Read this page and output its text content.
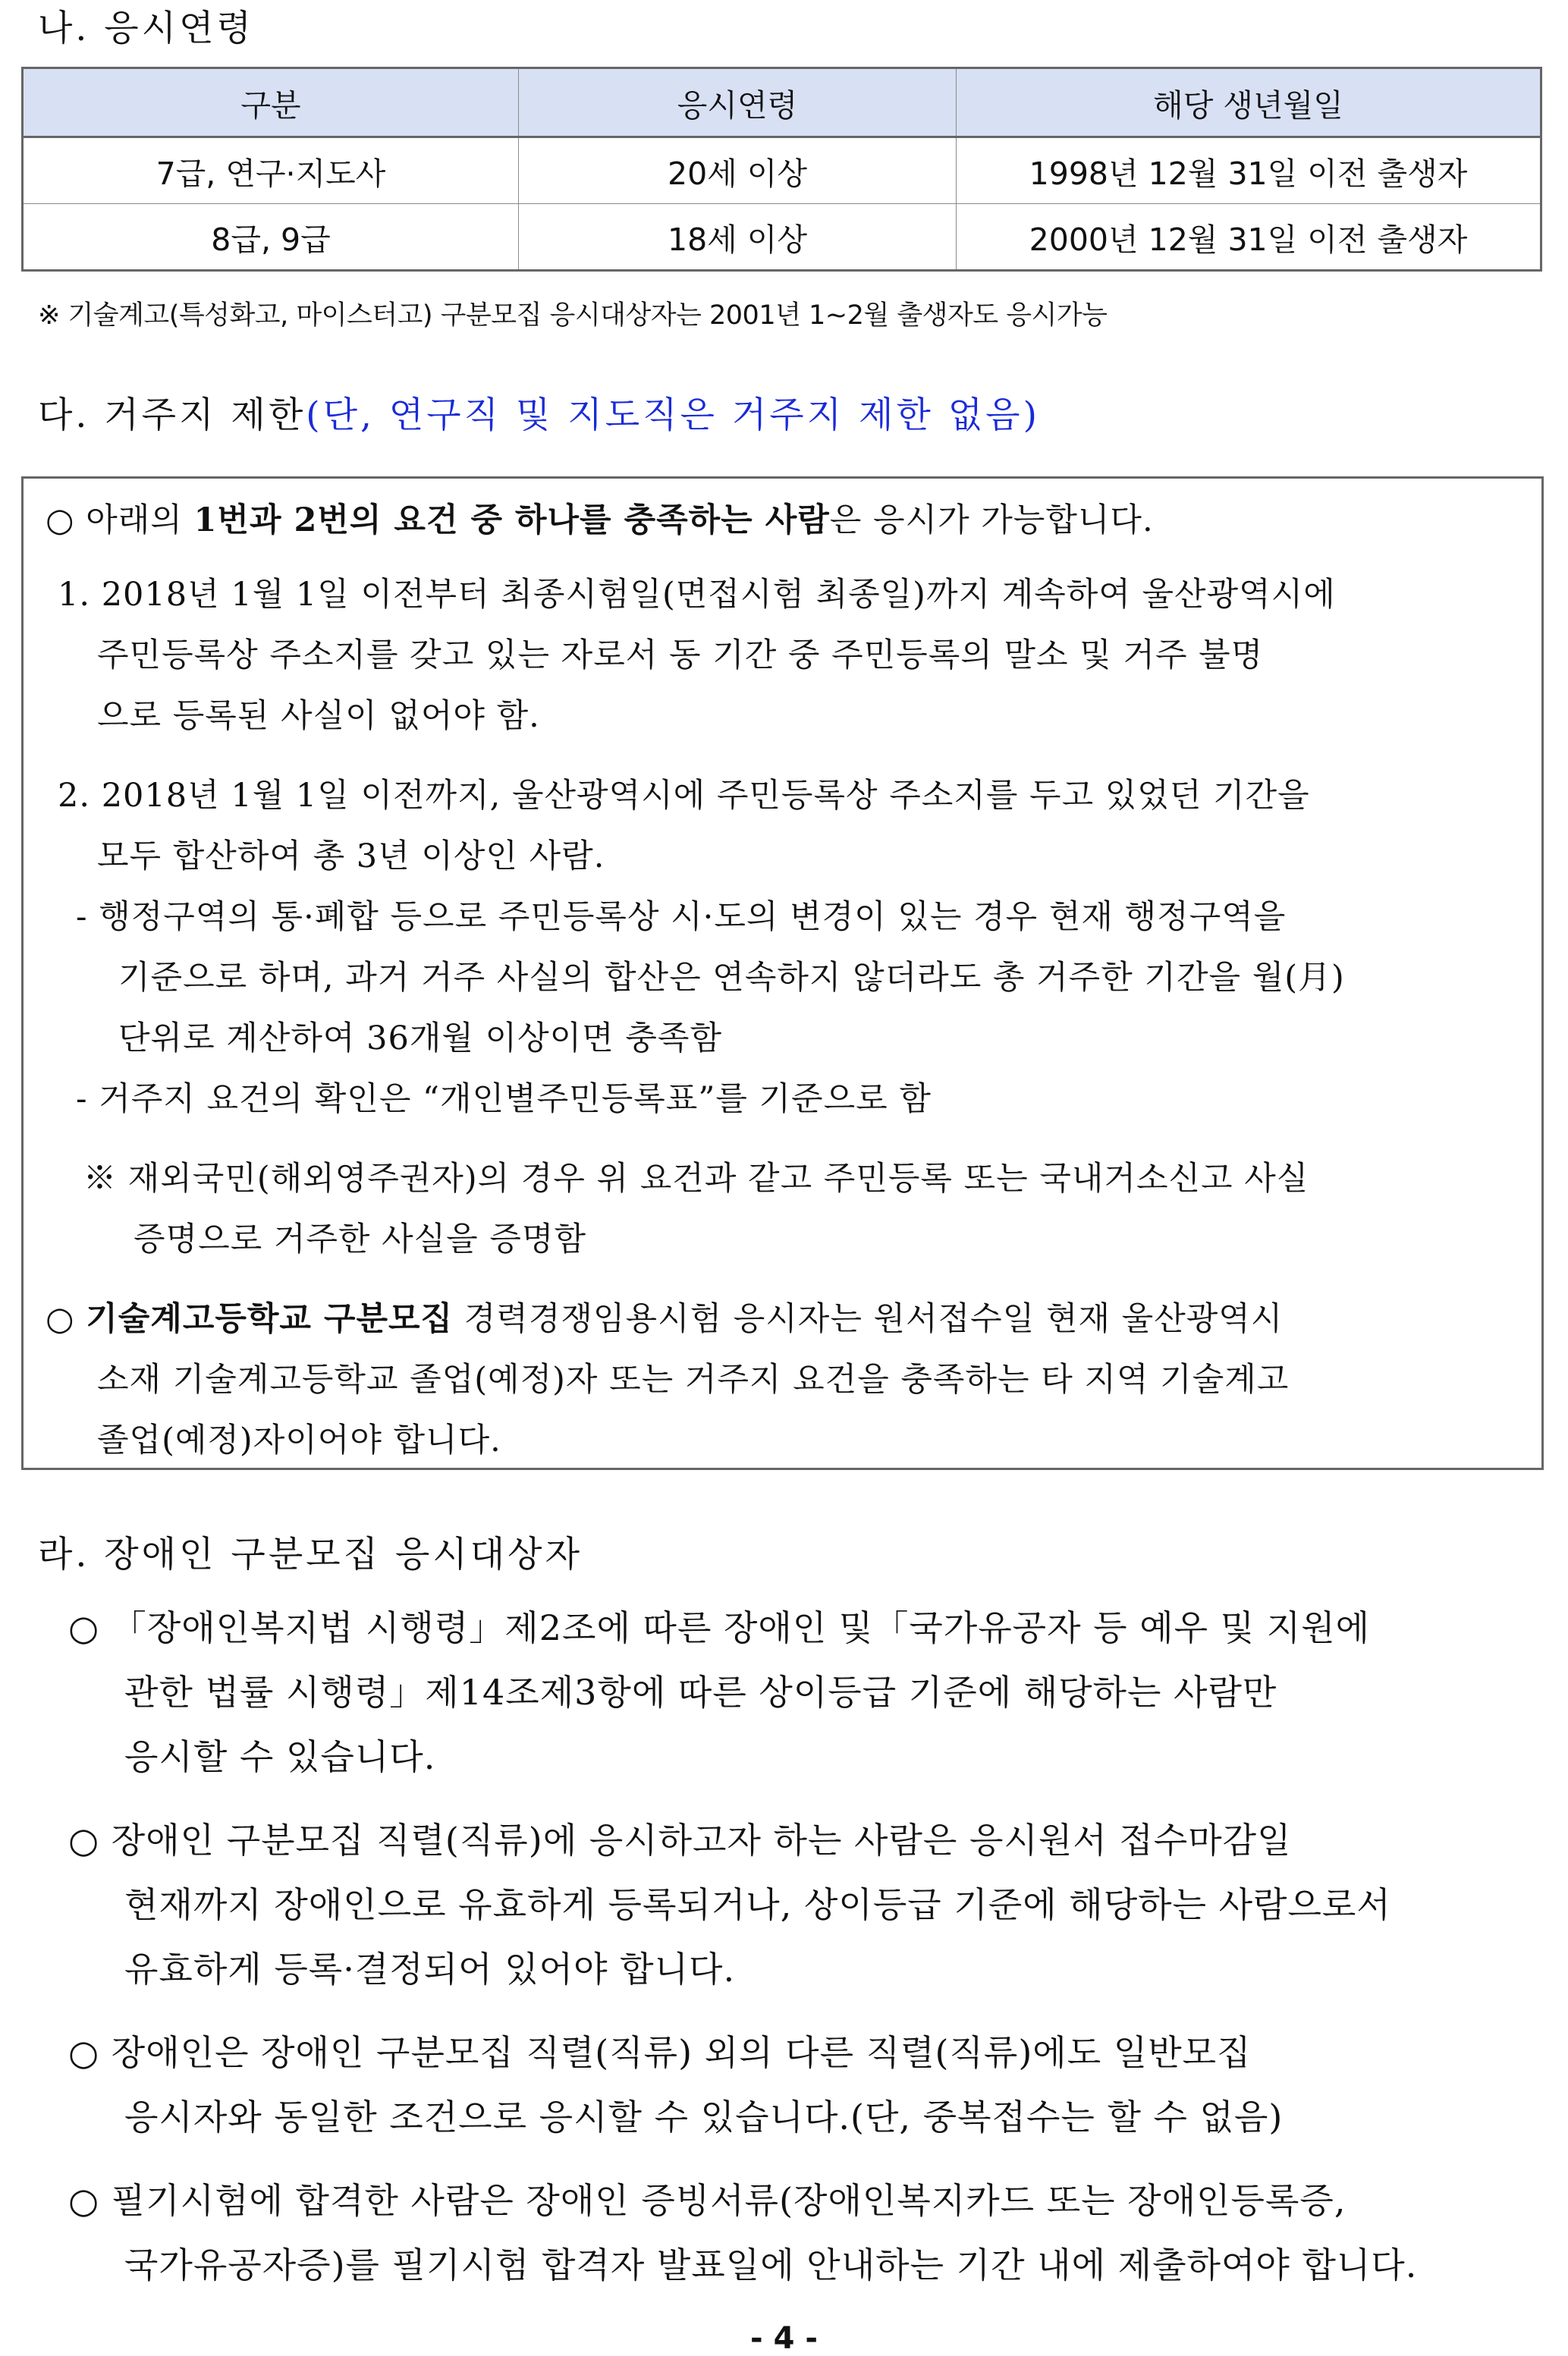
나. 응시연령
구분	응시연령	해당 생년월일
7급, 연구·지도사	20세 이상	1998년 12월 31일 이전 출생자
8급, 9급	18세 이상	2000년 12월 31일 이전 출생자
※ 기술계고(특성화고, 마이스터고) 구분모집 응시대상자는 2001년 1~2월 출생자도 응시가능
다. 거주지 제한(단, 연구직 및 지도직은 거주지 제한 없음)
○ 아래의 1번과 2번의 요건 중 하나를 충족하는 사람은 응시가 가능합니다.
1. 2018년 1월 1일 이전부터 최종시험일(면접시험 최종일)까지 계속하여 울산광역시에
주민등록상 주소지를 갖고 있는 자로서 동 기간 중 주민등록의 말소 및 거주 불명
으로 등록된 사실이 없어야 함.
2. 2018년 1월 1일 이전까지, 울산광역시에 주민등록상 주소지를 두고 있었던 기간을
모두 합산하여 총 3년 이상인 사람.
- 행정구역의 통·폐합 등으로 주민등록상 시·도의 변경이 있는 경우 현재 행정구역을
기준으로 하며, 과거 거주 사실의 합산은 연속하지 않더라도 총 거주한 기간을 월(月)
단위로 계산하여 36개월 이상이면 충족함
- 거주지 요건의 확인은 “개인별주민등록표”를 기준으로 함
※ 재외국민(해외영주권자)의 경우 위 요건과 같고 주민등록 또는 국내거소신고 사실
증명으로 거주한 사실을 증명함
○ 기술계고등학교 구분모집 경력경쟁임용시험 응시자는 원서접수일 현재 울산광역시
소재 기술계고등학교 졸업(예정)자 또는 거주지 요건을 충족하는 타 지역 기술계고
졸업(예정)자이어야 합니다.
라. 장애인 구분모집 응시대상자
○ 「장애인복지법 시행령」제2조에 따른 장애인 및「국가유공자 등 예우 및 지원에
관한 법률 시행령」제14조제3항에 따른 상이등급 기준에 해당하는 사람만
응시할 수 있습니다.
○ 장애인 구분모집 직렬(직류)에 응시하고자 하는 사람은 응시원서 접수마감일
현재까지 장애인으로 유효하게 등록되거나, 상이등급 기준에 해당하는 사람으로서
유효하게 등록·결정되어 있어야 합니다.
○ 장애인은 장애인 구분모집 직렬(직류) 외의 다른 직렬(직류)에도 일반모집
응시자와 동일한 조건으로 응시할 수 있습니다.(단, 중복접수는 할 수 없음)
○ 필기시험에 합격한 사람은 장애인 증빙서류(장애인복지카드 또는 장애인등록증,
국가유공자증)를 필기시험 합격자 발표일에 안내하는 기간 내에 제출하여야 합니다.
- 4 -
